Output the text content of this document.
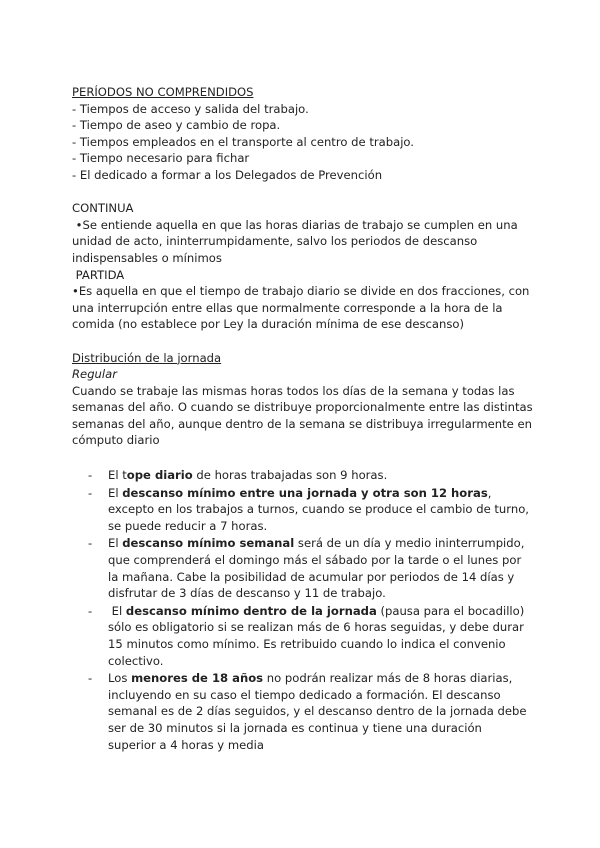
PERÍODOS NO COMPRENDIDOS
- Tiempos de acceso y salida del trabajo.
- Tiempo de aseo y cambio de ropa.
- Tiempos empleados en el transporte al centro de trabajo.
- Tiempo necesario para fichar
- El dedicado a formar a los Delegados de Prevención
CONTINUA
•Se entiende aquella en que las horas diarias de trabajo se cumplen en una
unidad de acto, ininterrumpidamente, salvo los periodos de descanso
indispensables o mínimos
PARTIDA
•Es aquella en que el tiempo de trabajo diario se divide en dos fracciones, con
una interrupción entre ellas que normalmente corresponde a la hora de la
comida (no establece por Ley la duración mínima de ese descanso)
Distribución de la jornada
Regular
Cuando se trabaje las mismas horas todos los días de la semana y todas las
semanas del año. O cuando se distribuye proporcionalmente entre las distintas
semanas del año, aunque dentro de la semana se distribuya irregularmente en
cómputo diario
- El tope diario de horas trabajadas son 9 horas.
- El descanso mínimo entre una jornada y otra son 12 horas, excepto en los trabajos a turnos, cuando se produce el cambio de turno, se puede reducir a 7 horas.
- El descanso mínimo semanal será de un día y medio ininterrumpido, que comprenderá el domingo más el sábado por la tarde o el lunes por la mañana. Cabe la posibilidad de acumular por periodos de 14 días y disfrutar de 3 días de descanso y 11 de trabajo.
- El descanso mínimo dentro de la jornada (pausa para el bocadillo) sólo es obligatorio si se realizan más de 6 horas seguidas, y debe durar 15 minutos como mínimo. Es retribuido cuando lo indica el convenio colectivo.
- Los menores de 18 años no podrán realizar más de 8 horas diarias, incluyendo en su caso el tiempo dedicado a formación. El descanso semanal es de 2 días seguidos, y el descanso dentro de la jornada debe ser de 30 minutos si la jornada es continua y tiene una duración superior a 4 horas y media
